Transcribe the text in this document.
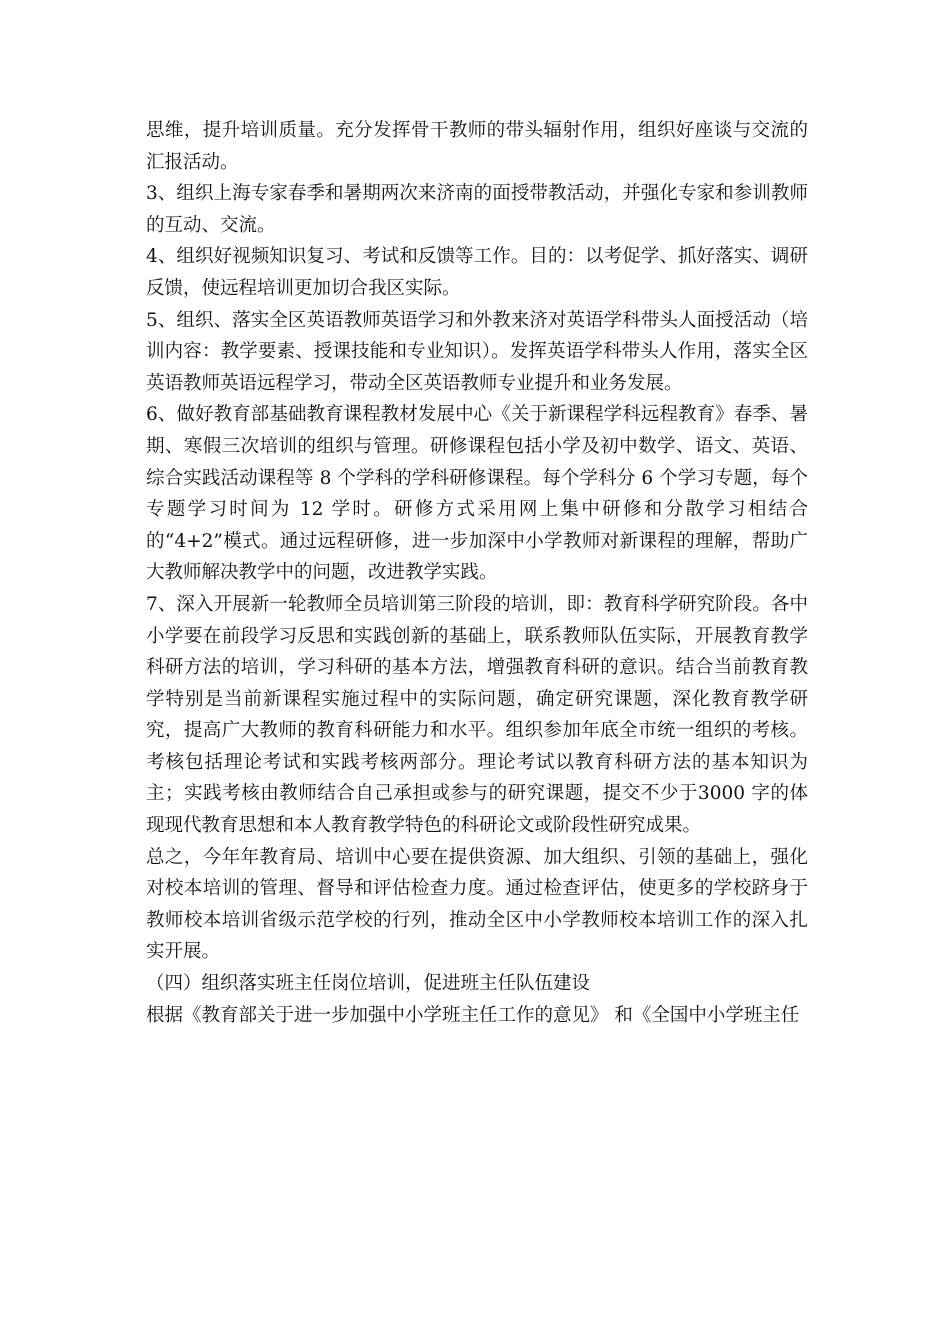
思维，提升培训质量。充分发挥骨干教师的带头辐射作用，组织好座谈与交流的汇报活动。

3、组织上海专家春季和暑期两次来济南的面授带教活动，并强化专家和参训教师的互动、交流。

4、组织好视频知识复习、考试和反馈等工作。目的：以考促学、抓好落实、调研反馈，使远程培训更加切合我区实际。

5、组织、落实全区英语教师英语学习和外教来济对英语学科带头人面授活动（培训内容：教学要素、授课技能和专业知识）。发挥英语学科带头人作用，落实全区英语教师英语远程学习，带动全区英语教师专业提升和业务发展。

6、做好教育部基础教育课程教材发展中心《关于新课程学科远程教育》春季、暑期、寒假三次培训的组织与管理。研修课程包括小学及初中数学、语文、英语、综合实践活动课程等 8 个学科的学科研修课程。每个学科分 6 个学习专题，每个专题学习时间为 12 学时。研修方式采用网上集中研修和分散学习相结合的“4+2”模式。通过远程研修，进一步加深中小学教师对新课程的理解，帮助广大教师解决教学中的问题，改进教学实践。

7、深入开展新一轮教师全员培训第三阶段的培训，即：教育科学研究阶段。各中小学要在前段学习反思和实践创新的基础上，联系教师队伍实际，开展教育教学科研方法的培训，学习科研的基本方法，增强教育科研的意识。结合当前教育教学特别是当前新课程实施过程中的实际问题，确定研究课题，深化教育教学研究，提高广大教师的教育科研能力和水平。组织参加年底全市统一组织的考核。考核包括理论考试和实践考核两部分。理论考试以教育科研方法的基本知识为主；实践考核由教师结合自己承担或参与的研究课题，提交不少于3000 字的体现现代教育思想和本人教育教学特色的科研论文或阶段性研究成果。

总之，今年年教育局、培训中心要在提供资源、加大组织、引领的基础上，强化对校本培训的管理、督导和评估检查力度。通过检查评估，使更多的学校跻身于教师校本培训省级示范学校的行列，推动全区中小学教师校本培训工作的深入扎实开展。

（四）组织落实班主任岗位培训，促进班主任队伍建设

根据《教育部关于进一步加强中小学班主任工作的意见》 和《全国中小学班主任
